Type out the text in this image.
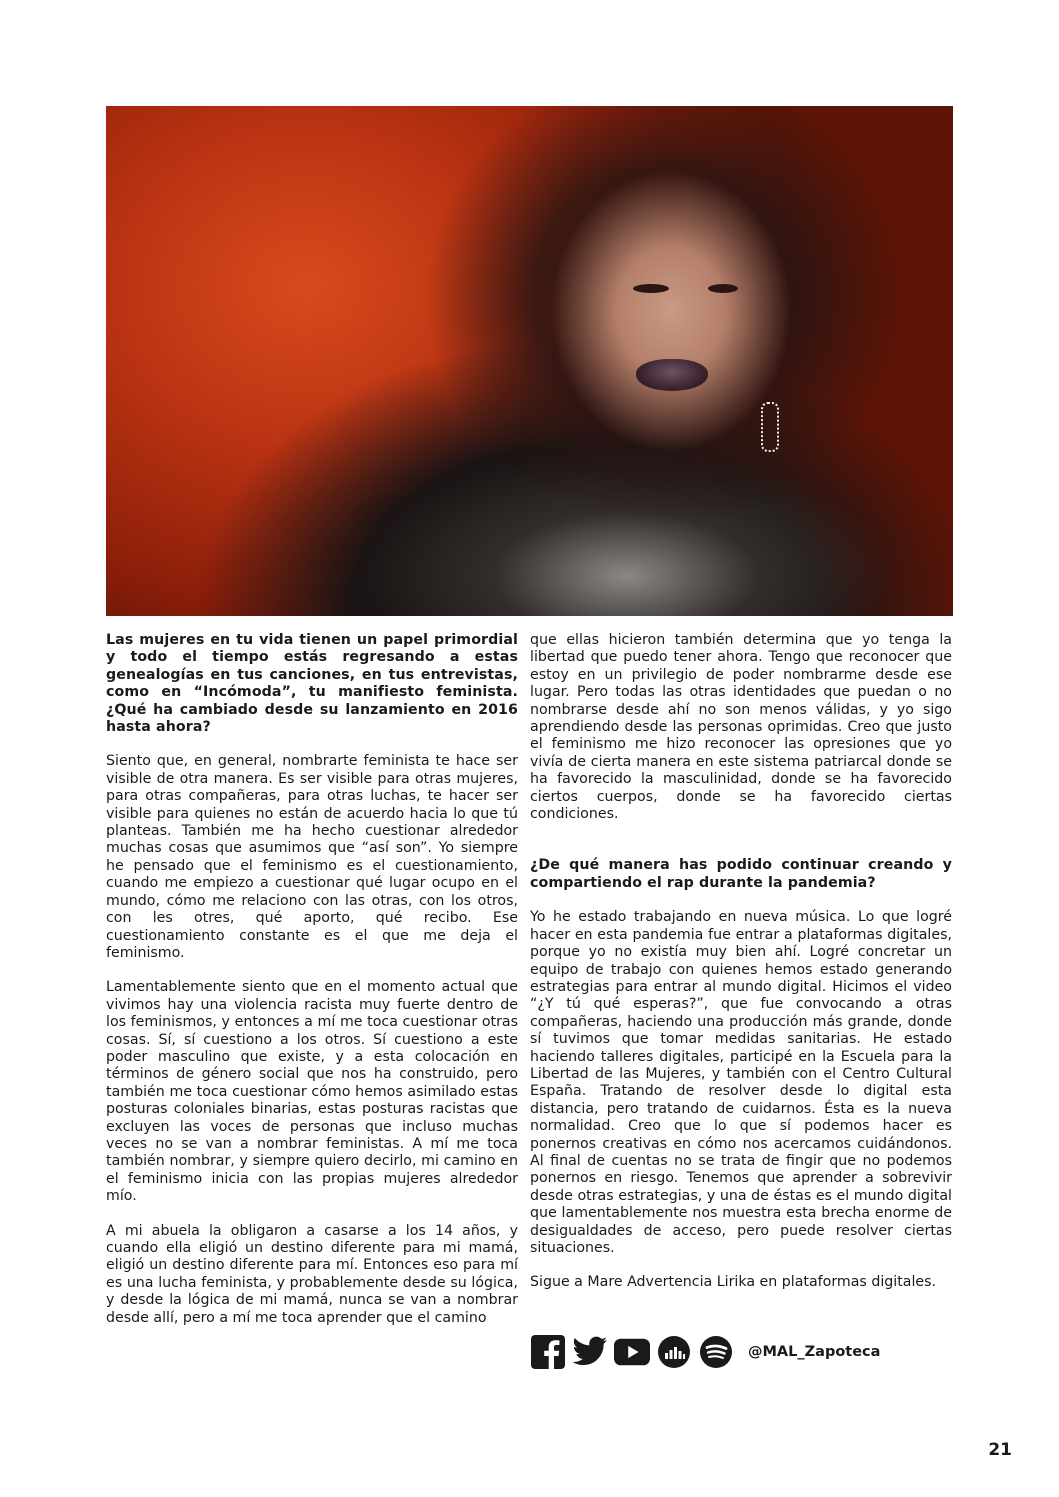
Las mujeres en tu vida tienen un papel primordial y todo el tiempo estás regresando a estas genealogías en tus canciones, en tus entrevistas, como en “Incómoda”, tu manifiesto feminista. ¿Qué ha cambiado desde su lanzamiento en 2016 hasta ahora?

Siento que, en general, nombrarte feminista te hace ser visible de otra manera. Es ser visible para otras mujeres, para otras compañeras, para otras luchas, te hacer ser visible para quienes no están de acuerdo hacia lo que tú planteas. También me ha hecho cuestionar alrededor muchas cosas que asumimos que “así son”. Yo siempre he pensado que el feminismo es el cuestionamiento, cuando me empiezo a cuestionar qué lugar ocupo en el mundo, cómo me relaciono con las otras, con los otros, con les otres, qué aporto, qué recibo. Ese cuestionamiento constante es el que me deja el feminismo.

Lamentablemente siento que en el momento actual que vivimos hay una violencia racista muy fuerte dentro de los feminismos, y entonces a mí me toca cuestionar otras cosas. Sí, sí cuestiono a los otros. Sí cuestiono a este poder masculino que existe, y a esta colocación en términos de género social que nos ha construido, pero también me toca cuestionar cómo hemos asimilado estas posturas coloniales binarias, estas posturas racistas que excluyen las voces de personas que incluso muchas veces no se van a nombrar feministas. A mí me toca también nombrar, y siempre quiero decirlo, mi camino en el feminismo inicia con las propias mujeres alrededor mío.

A mi abuela la obligaron a casarse a los 14 años, y cuando ella eligió un destino diferente para mi mamá, eligió un destino diferente para mí. Entonces eso para mí es una lucha feminista, y probablemente desde su lógica, y desde la lógica de mi mamá, nunca se van a nombrar desde allí, pero a mí me toca aprender que el camino

que ellas hicieron también determina que yo tenga la libertad que puedo tener ahora. Tengo que reconocer que estoy en un privilegio de poder nombrarme desde ese lugar. Pero todas las otras identidades que puedan o no nombrarse desde ahí no son menos válidas, y yo sigo aprendiendo desde las personas oprimidas. Creo que justo el feminismo me hizo reconocer las opresiones que yo vivía de cierta manera en este sistema patriarcal donde se ha favorecido la masculinidad, donde se ha favorecido ciertos cuerpos, donde se ha favorecido ciertas condiciones.

¿De qué manera has podido continuar creando y compartiendo el rap durante la pandemia?

Yo he estado trabajando en nueva música. Lo que logré hacer en esta pandemia fue entrar a plataformas digitales, porque yo no existía muy bien ahí. Logré concretar un equipo de trabajo con quienes hemos estado generando estrategias para entrar al mundo digital. Hicimos el video “¿Y tú qué esperas?”, que fue convocando a otras compañeras, haciendo una producción más grande, donde sí tuvimos que tomar medidas sanitarias. He estado haciendo talleres digitales, participé en la Escuela para la Libertad de las Mujeres, y también con el Centro Cultural España. Tratando de resolver desde lo digital esta distancia, pero tratando de cuidarnos. Ésta es la nueva normalidad. Creo que lo que sí podemos hacer es ponernos creativas en cómo nos acercamos cuidándonos. Al final de cuentas no se trata de fingir que no podemos ponernos en riesgo. Tenemos que aprender a sobrevivir desde otras estrategias, y una de éstas es el mundo digital que lamentablemente nos muestra esta brecha enorme de desigualdades de acceso, pero puede resolver ciertas situaciones.

Sigue a Mare Advertencia Lirika en plataformas digitales.

@MAL_Zapoteca
21
